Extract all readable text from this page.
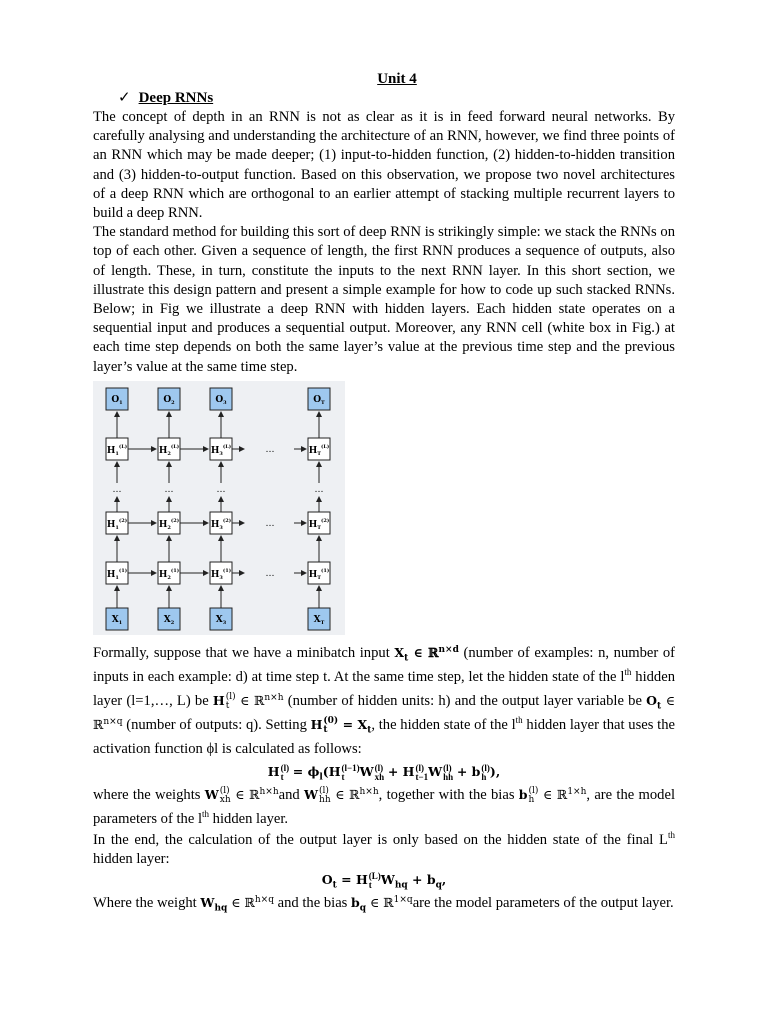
Unit 4
✓ Deep RNNs

The concept of depth in an RNN is not as clear as it is in feed forward neural networks. By carefully analysing and understanding the architecture of an RNN, however, we find three points of an RNN which may be made deeper; (1) input-to-hidden function, (2) hidden-to-hidden transition and (3) hidden-to-output function. Based on this observation, we propose two novel architectures of a deep RNN which are orthogonal to an earlier attempt of stacking multiple recurrent layers to build a deep RNN.

The standard method for building this sort of deep RNN is strikingly simple: we stack the RNNs on top of each other. Given a sequence of length, the first RNN produces a sequence of outputs, also of length. These, in turn, constitute the inputs to the next RNN layer. In this short section, we illustrate this design pattern and present a simple example for how to code up such stacked RNNs. Below; in Fig we illustrate a deep RNN with hidden layers. Each hidden state operates on a sequential input and produces a sequential output. Moreover, any RNN cell (white box in Fig.) at each time step depends on both the same layer’s value at the previous time step and the previous layer’s value at the same time step.

$O_1$
$X_1$
$H_1^{(L)}$
$H_1^{(2)}$
$H_1^{(1)}$
…
$O_2$
$X_2$
$H_2^{(L)}$
$H_2^{(2)}$
$H_2^{(1)}$
…
$O_3$
$X_3$
$H_3^{(L)}$
$H_3^{(2)}$
$H_3^{(1)}$
…
$O_T$
$X_T$
$H_T^{(L)}$
$H_T^{(2)}$
$H_T^{(1)}$
…
…
…
…

Formally, suppose that we have a minibatch input $X_t$ ∈ ℝ$^{n\times d}$ (number of examples: n, number of inputs in each example: d) at time step t. At the same time step, let the hidden state of the $l^{th}$ hidden layer (l=1,…, L) be H (l)
t ∈ ℝ$^{n\times h}$ (number of hidden units: h) and the output layer variable be $O_t$ ∈ ℝ$^{n\times q}$ (number of outputs: q). Setting H (0)
$t = X_t$, the hidden state of the $l^{th}$ hidden layer that uses the activation function ϕl is calculated as follows:

H (l)
$t = \phi_l(H$ (l−1)
t	W (l)
xh + H (l)
t−1 W (l)
hh + b (l)
h ),

where the weights W (l)
xh ∈ ℝ$^{h\times h}$and W (l)
hh ∈ ℝ$^{h\times h}$, together with the bias b (l)
h ∈ ℝ$^{1\times h}$, are the model parameters of the $l^{th}$ hidden layer.

In the end, the calculation of the output layer is only based on the hidden state of the final Lth hidden layer:

$O_t = H$ (L)
t $W_{hq} + b_q$,

Where the weight $W_{hq}$ ∈ ℝ$^{h\times q}$ and the bias $b_q$ ∈ ℝ$^{1\times q}$are the model parameters of the output layer.
